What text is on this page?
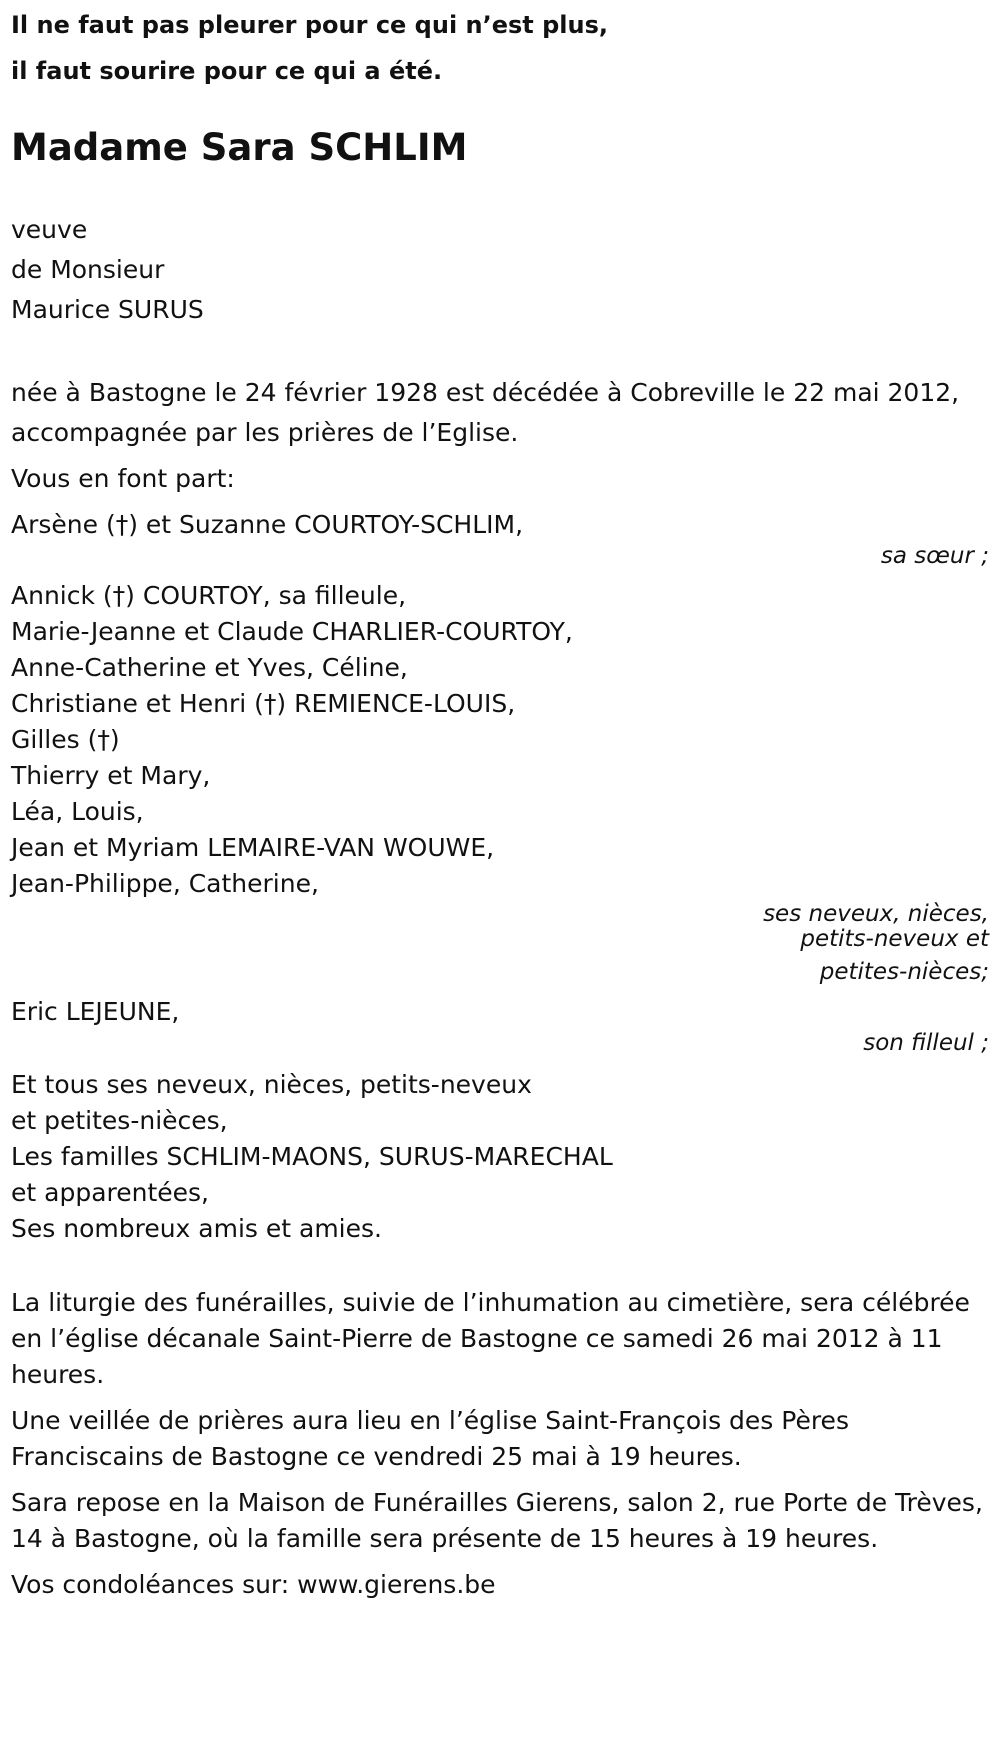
Il ne faut pas pleurer pour ce qui n’est plus,

il faut sourire pour ce qui a été.

Madame Sara SCHLIM

veuve

de Monsieur

Maurice SURUS

née à Bastogne le 24 février 1928 est décédée à Cobreville le 22 mai 2012,

accompagnée par les prières de l’Eglise.

Vous en font part:

Arsène (†) et Suzanne COURTOY-SCHLIM,

sa sœur ;

Annick (†) COURTOY, sa filleule,

Marie-Jeanne et Claude CHARLIER-COURTOY,

Anne-Catherine et Yves, Céline,

Christiane et Henri (†) REMIENCE-LOUIS,

Gilles (†)

Thierry et Mary,

Léa, Louis,

Jean et Myriam LEMAIRE-VAN WOUWE,

Jean-Philippe, Catherine,

ses neveux, nièces,

petits-neveux et

petites-nièces;

Eric LEJEUNE,

son filleul ;

Et tous ses neveux, nièces, petits-neveux

et petites-nièces,

Les familles SCHLIM-MAONS, SURUS-MARECHAL

et apparentées,

Ses nombreux amis et amies.

La liturgie des funérailles, suivie de l’inhumation au cimetière, sera célébrée en l’église décanale Saint-Pierre de Bastogne ce samedi 26 mai 2012 à 11 heures.

Une veillée de prières aura lieu en l’église Saint-François des Pères Franciscains de Bastogne ce vendredi 25 mai à 19 heures.

Sara repose en la Maison de Funérailles Gierens, salon 2, rue Porte de Trèves, 14 à Bastogne, où la famille sera présente de 15 heures à 19 heures.

Vos condoléances sur: www.gierens.be
